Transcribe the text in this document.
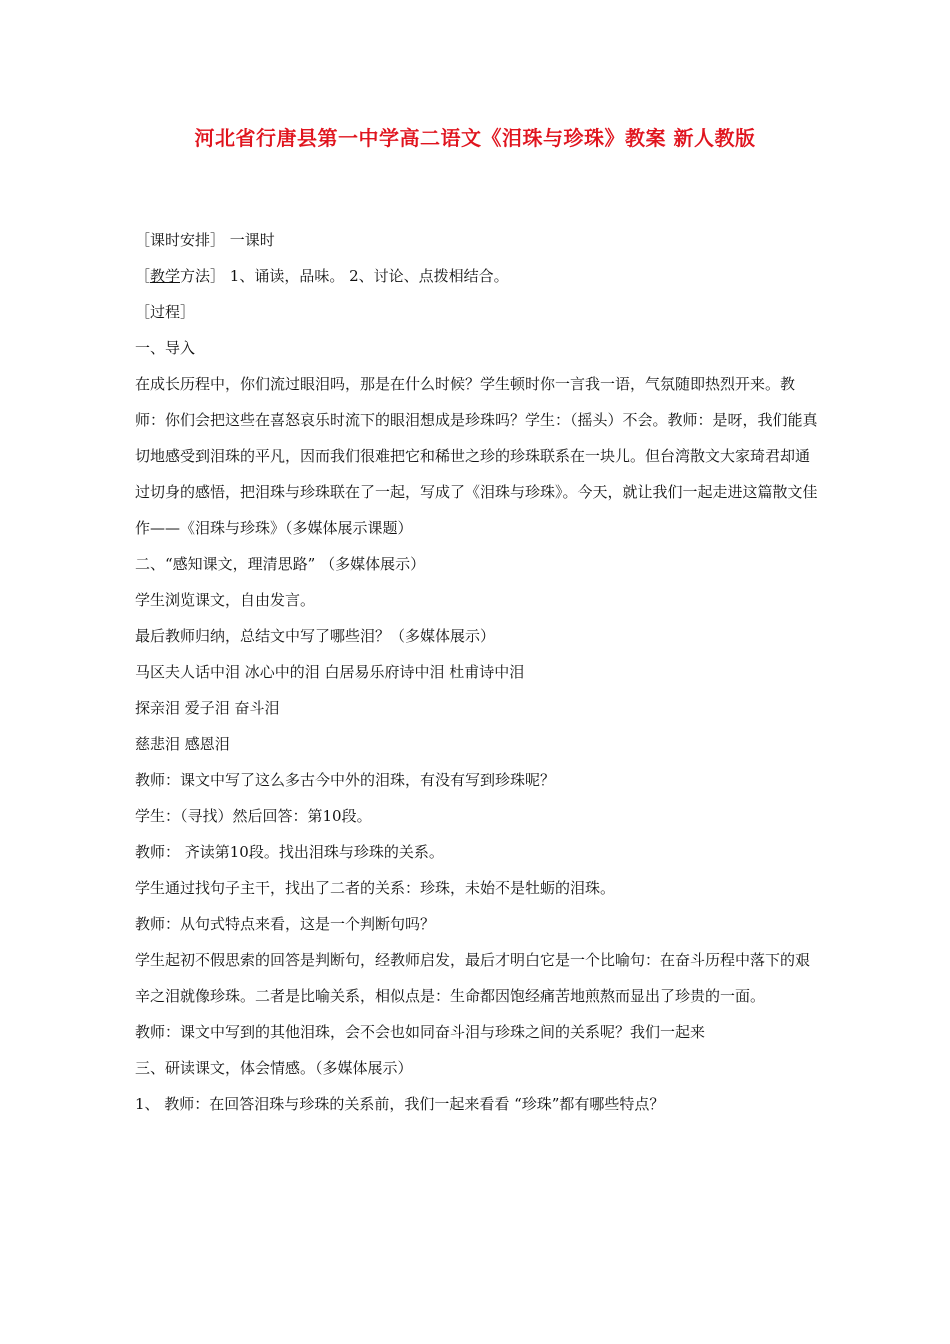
河北省行唐县第一中学高二语文《泪珠与珍珠》教案 新人教版

［课时安排］ 一课时

［教学方法］ 1、诵读，品味。 2、讨论、点拨相结合。

［过程］

一、导入

在成长历程中，你们流过眼泪吗，那是在什么时候？学生顿时你一言我一语，气氛随即热烈开来。教师：你们会把这些在喜怒哀乐时流下的眼泪想成是珍珠吗？学生：（摇头）不会。教师：是呀，我们能真切地感受到泪珠的平凡，因而我们很难把它和稀世之珍的珍珠联系在一块儿。但台湾散文大家琦君却通过切身的感悟，把泪珠与珍珠联在了一起，写成了《泪珠与珍珠》。今天，就让我们一起走进这篇散文佳作——《泪珠与珍珠》（多媒体展示课题）

二、“感知课文，理清思路” （多媒体展示）

学生浏览课文，自由发言。

最后教师归纳，总结文中写了哪些泪？（多媒体展示）

马区夫人话中泪 冰心中的泪 白居易乐府诗中泪 杜甫诗中泪

探亲泪 爱子泪 奋斗泪

慈悲泪 感恩泪

教师：课文中写了这么多古今中外的泪珠，有没有写到珍珠呢？

学生：（寻找）然后回答：第10段。

教师： 齐读第10段。找出泪珠与珍珠的关系。

学生通过找句子主干，找出了二者的关系：珍珠，未始不是牡蛎的泪珠。

教师：从句式特点来看，这是一个判断句吗？

学生起初不假思索的回答是判断句，经教师启发，最后才明白它是一个比喻句：在奋斗历程中落下的艰辛之泪就像珍珠。二者是比喻关系，相似点是：生命都因饱经痛苦地煎熬而显出了珍贵的一面。

教师：课文中写到的其他泪珠，会不会也如同奋斗泪与珍珠之间的关系呢？我们一起来

三、研读课文，体会情感。（多媒体展示）

1、 教师：在回答泪珠与珍珠的关系前，我们一起来看看 “珍珠”都有哪些特点？
